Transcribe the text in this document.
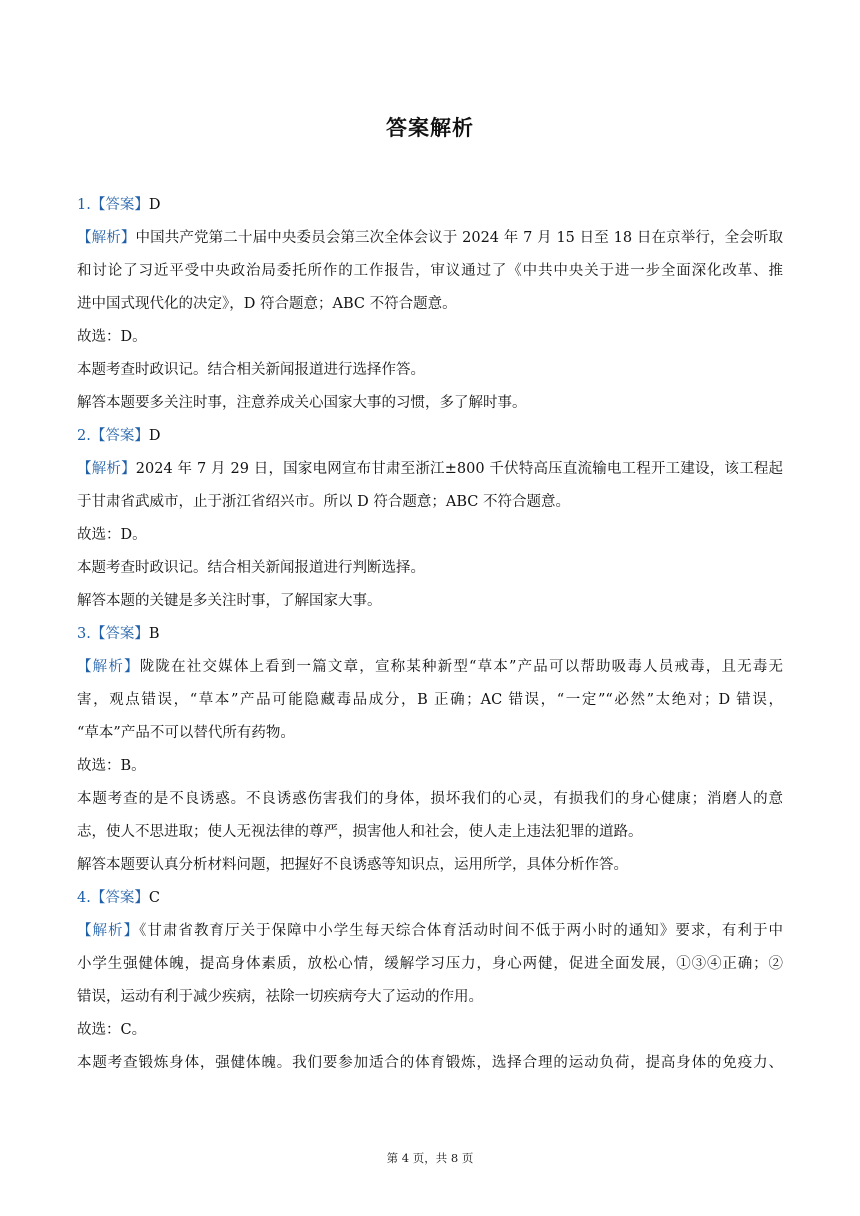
答案解析
1.【答案】D
【解析】中国共产党第二十届中央委员会第三次全体会议于 2024 年 7 月 15 日至 18 日在京举行，全会听取
和讨论了习近平受中央政治局委托所作的工作报告，审议通过了《中共中央关于进一步全面深化改革、推
进中国式现代化的决定》，D 符合题意；ABC 不符合题意。
故选：D。
本题考查时政识记。结合相关新闻报道进行选择作答。
解答本题要多关注时事，注意养成关心国家大事的习惯，多了解时事。
2.【答案】D
【解析】2024 年 7 月 29 日，国家电网宣布甘肃至浙江±800 千伏特高压直流输电工程开工建设，该工程起
于甘肃省武威市，止于浙江省绍兴市。所以 D 符合题意；ABC 不符合题意。
故选：D。
本题考查时政识记。结合相关新闻报道进行判断选择。
解答本题的关键是多关注时事，了解国家大事。
3.【答案】B
【解析】陇陇在社交媒体上看到一篇文章，宣称某种新型“草本”产品可以帮助吸毒人员戒毒，且无毒无
害，观点错误，“草本”产品可能隐藏毒品成分，B 正确；AC 错误，“一定”“必然”太绝对；D 错误，
“草本”产品不可以替代所有药物。
故选：B。
本题考查的是不良诱惑。不良诱惑伤害我们的身体，损坏我们的心灵，有损我们的身心健康；消磨人的意
志，使人不思进取；使人无视法律的尊严，损害他人和社会，使人走上违法犯罪的道路。
解答本题要认真分析材料问题，把握好不良诱惑等知识点，运用所学，具体分析作答。
4.【答案】C
【解析】《甘肃省教育厅关于保障中小学生每天综合体育活动时间不低于两小时的通知》要求，有利于中
小学生强健体魄，提高身体素质，放松心情，缓解学习压力，身心两健，促进全面发展，①③④正确；②
错误，运动有利于减少疾病，祛除一切疾病夸大了运动的作用。
故选：C。
本题考查锻炼身体，强健体魄。我们要参加适合的体育锻炼，选择合理的运动负荷，提高身体的免疫力、
第 4 页，共 8 页
